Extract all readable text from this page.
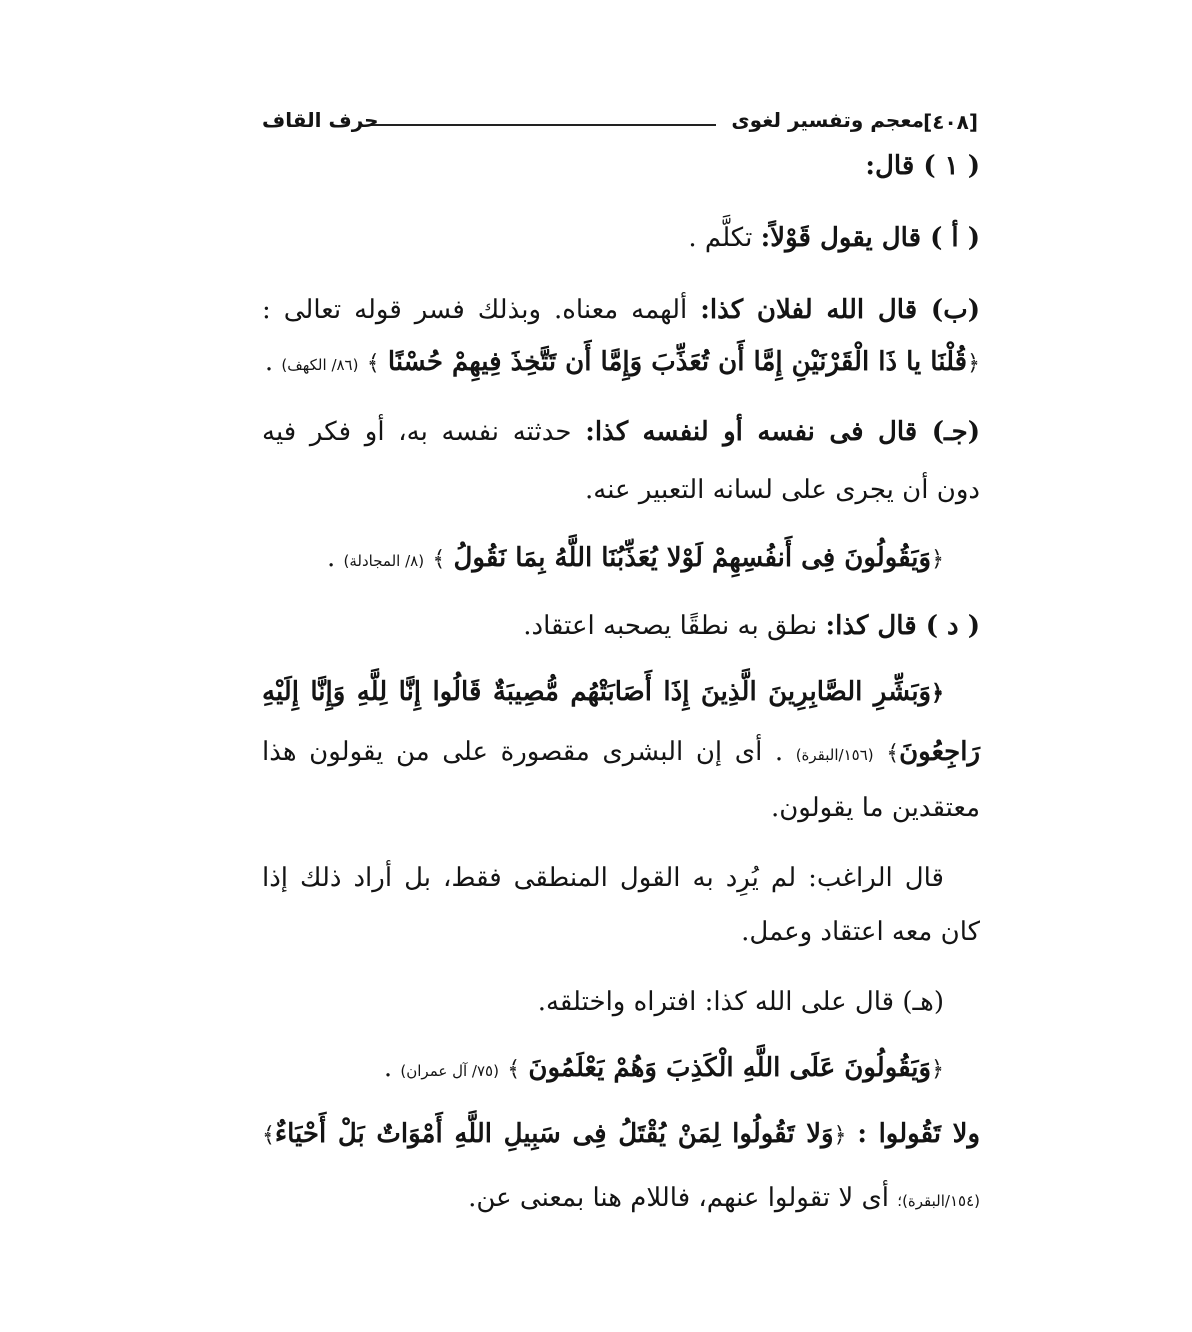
[٤٠٨]
معجم وتفسير لغوى
حرف القاف
( ١ ) قال:
( أ ) قال يقول قَوْلاً: تكلَّم .
(ب) قال الله لفلان كذا: ألهمه معناه. وبذلك فسر قوله تعالى :
﴿قُلْنَا يا ذَا الْقَرْنَيْنِ إِمَّا أَن تُعَذِّبَ وَإِمَّا أَن تَتَّخِذَ فِيهِمْ حُسْنًا ﴾ (٨٦/ الكهف) .
(جـ) قال فى نفسه أو لنفسه كذا: حدثته نفسه به، أو فكر فيه
دون أن يجرى على لسانه التعبير عنه.
﴿وَيَقُولُونَ فِى أَنفُسِهِمْ لَوْلا يُعَذِّبُنَا اللَّهُ بِمَا نَقُولُ ﴾ (٨/ المجادلة) .
( د ) قال كذا: نطق به نطقًا يصحبه اعتقاد.
﴿وَبَشِّرِ الصَّابِرِينَ الَّذِينَ إِذَا أَصَابَتْهُم مُّصِيبَةٌ قَالُوا إِنَّا لِلَّهِ وَإِنَّا إِلَيْهِ
رَاجِعُونَ﴾ (١٥٦/البقرة) . أى إن البشرى مقصورة على من يقولون هذا
معتقدين ما يقولون.
قال الراغب: لم يُرِد به القول المنطقى فقط، بل أراد ذلك إذا
كان معه اعتقاد وعمل.
(هـ) قال على الله كذا: افتراه واختلقه.
﴿وَيَقُولُونَ عَلَى اللَّهِ الْكَذِبَ وَهُمْ يَعْلَمُونَ ﴾ (٧٥/ آل عمران) .
ولا تَقُولوا : ﴿وَلا تَقُولُوا لِمَنْ يُقْتَلُ فِى سَبِيلِ اللَّهِ أَمْوَاتٌ بَلْ أَحْيَاءٌ﴾
(١٥٤/البقرة)؛ أى لا تقولوا عنهم، فاللام هنا بمعنى عن.
